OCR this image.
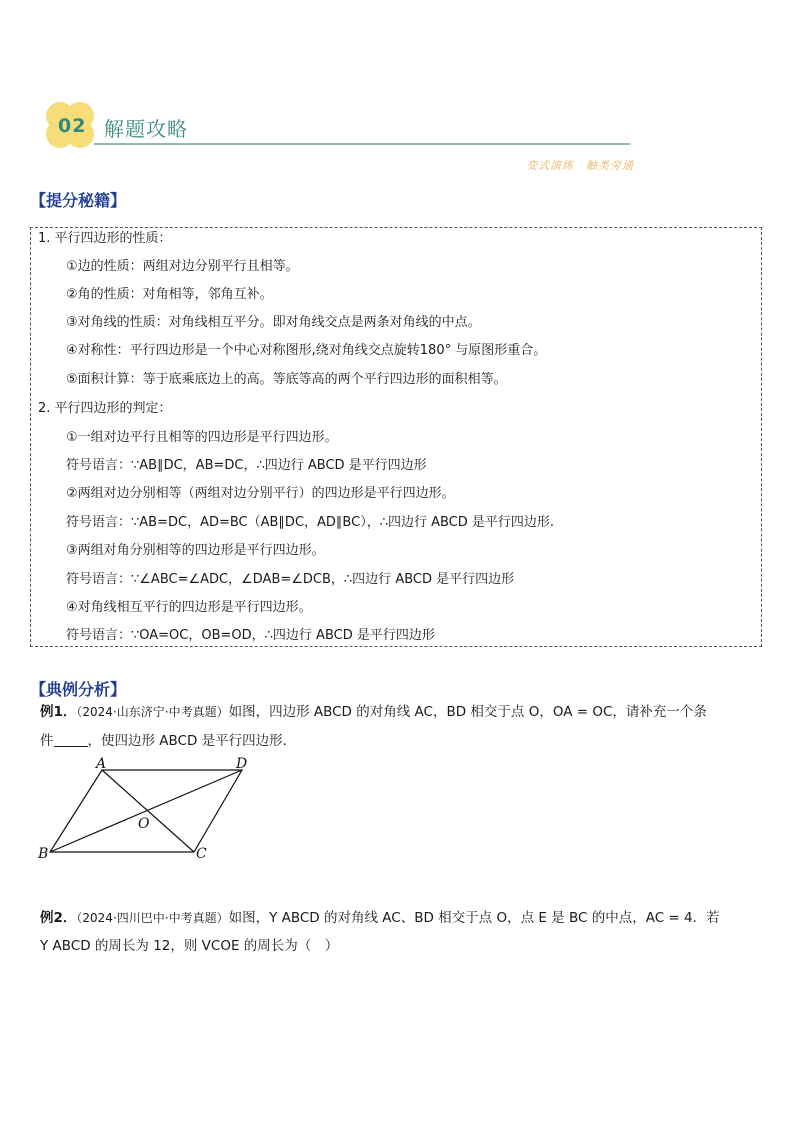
02 解题攻略
变式演练　触类旁通
【提分秘籍】
1. 平行四边形的性质：
①边的性质：两组对边分别平行且相等。
②角的性质：对角相等，邻角互补。
③对角线的性质：对角线相互平分。即对角线交点是两条对角线的中点。
④对称性：平行四边形是一个中心对称图形,绕对角线交点旋转180° 与原图形重合。
⑤面积计算：等于底乘底边上的高。等底等高的两个平行四边形的面积相等。
2. 平行四边形的判定：
①一组对边平行且相等的四边形是平行四边形。
符号语言：∵AB∥DC，AB=DC，∴四边行 ABCD 是平行四边形
②两组对边分别相等（两组对边分别平行）的四边形是平行四边形。
符号语言：∵AB=DC，AD=BC（AB∥DC，AD∥BC），∴四边行 ABCD 是平行四边形.
③两组对角分别相等的四边形是平行四边形。
符号语言：∵∠ABC=∠ADC，∠DAB=∠DCB，∴四边行 ABCD 是平行四边形
④对角线相互平行的四边形是平行四边形。
符号语言：∵OA=OC，OB=OD，∴四边行 ABCD 是平行四边形
【典例分析】
例1．（2024·山东济宁·中考真题）如图，四边形 ABCD 的对角线 AC，BD 相交于点 O，OA = OC，请补充一个条
件	，使四边形 ABCD 是平行四边形．
A	D
B	C
O
例2．（2024·四川巴中·中考真题）如图，Y ABCD 的对角线 AC、BD 相交于点 O，点 E 是 BC 的中点，AC = 4．若
Y ABCD 的周长为 12，则 VCOE 的周长为（　）
